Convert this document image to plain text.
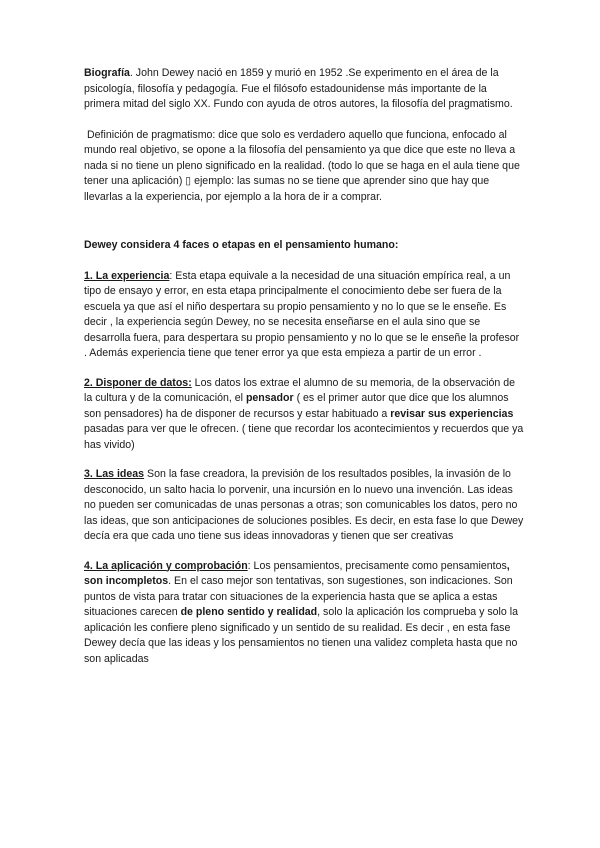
Biografía. John Dewey nació en 1859 y murió en 1952 .Se experimento en el área de la psicología, filosofía y pedagogía. Fue el filósofo estadounidense más importante de la primera mitad del siglo XX. Fundo con ayuda de otros autores, la filosofía del pragmatismo.

Definición de pragmatismo: dice que solo es verdadero aquello que funciona, enfocado al mundo real objetivo, se opone a la filosofía del pensamiento ya que dice que este no lleva a nada si no tiene un pleno significado en la realidad. (todo lo que se haga en el aula tiene que tener una aplicación) ▯ ejemplo: las sumas no se tiene que aprender sino que hay que llevarlas a la experiencia, por ejemplo a la hora de ir a comprar.

Dewey considera 4 faces o etapas en el pensamiento humano:

1. La experiencia: Esta etapa equivale a la necesidad de una situación empírica real, a un tipo de ensayo y error, en esta etapa principalmente el conocimiento debe ser fuera de la escuela ya que así el niño despertara su propio pensamiento y no lo que se le enseñe. Es decir , la experiencia según Dewey, no se necesita enseñarse en el aula sino que se desarrolla fuera, para despertara su propio pensamiento y no lo que se le enseñe la profesor . Además experiencia tiene que tener error ya que esta empieza a partir de un error .

2. Disponer de datos: Los datos los extrae el alumno de su memoria, de la observación de la cultura y de la comunicación, el pensador ( es el primer autor que dice que los alumnos son pensadores) ha de disponer de recursos y estar habituado a revisar sus experiencias pasadas para ver que le ofrecen. ( tiene que recordar los acontecimientos y recuerdos que ya has vivido)

3. Las ideas Son la fase creadora, la previsión de los resultados posibles, la invasión de lo desconocido, un salto hacia lo porvenir, una incursión en lo nuevo una invención. Las ideas no pueden ser comunicadas de unas personas a otras; son comunicables los datos, pero no las ideas, que son anticipaciones de soluciones posibles. Es decir, en esta fase lo que Dewey decía era que cada uno tiene sus ideas innovadoras y tienen que ser creativas

4. La aplicación y comprobación: Los pensamientos, precisamente como pensamientos, son incompletos. En el caso mejor son tentativas, son sugestiones, son indicaciones. Son puntos de vista para tratar con situaciones de la experiencia hasta que se aplica a estas situaciones carecen de pleno sentido y realidad, solo la aplicación los comprueba y solo la aplicación les confiere pleno significado y un sentido de su realidad. Es decir , en esta fase Dewey decía que las ideas y los pensamientos no tienen una validez completa hasta que no son aplicadas
